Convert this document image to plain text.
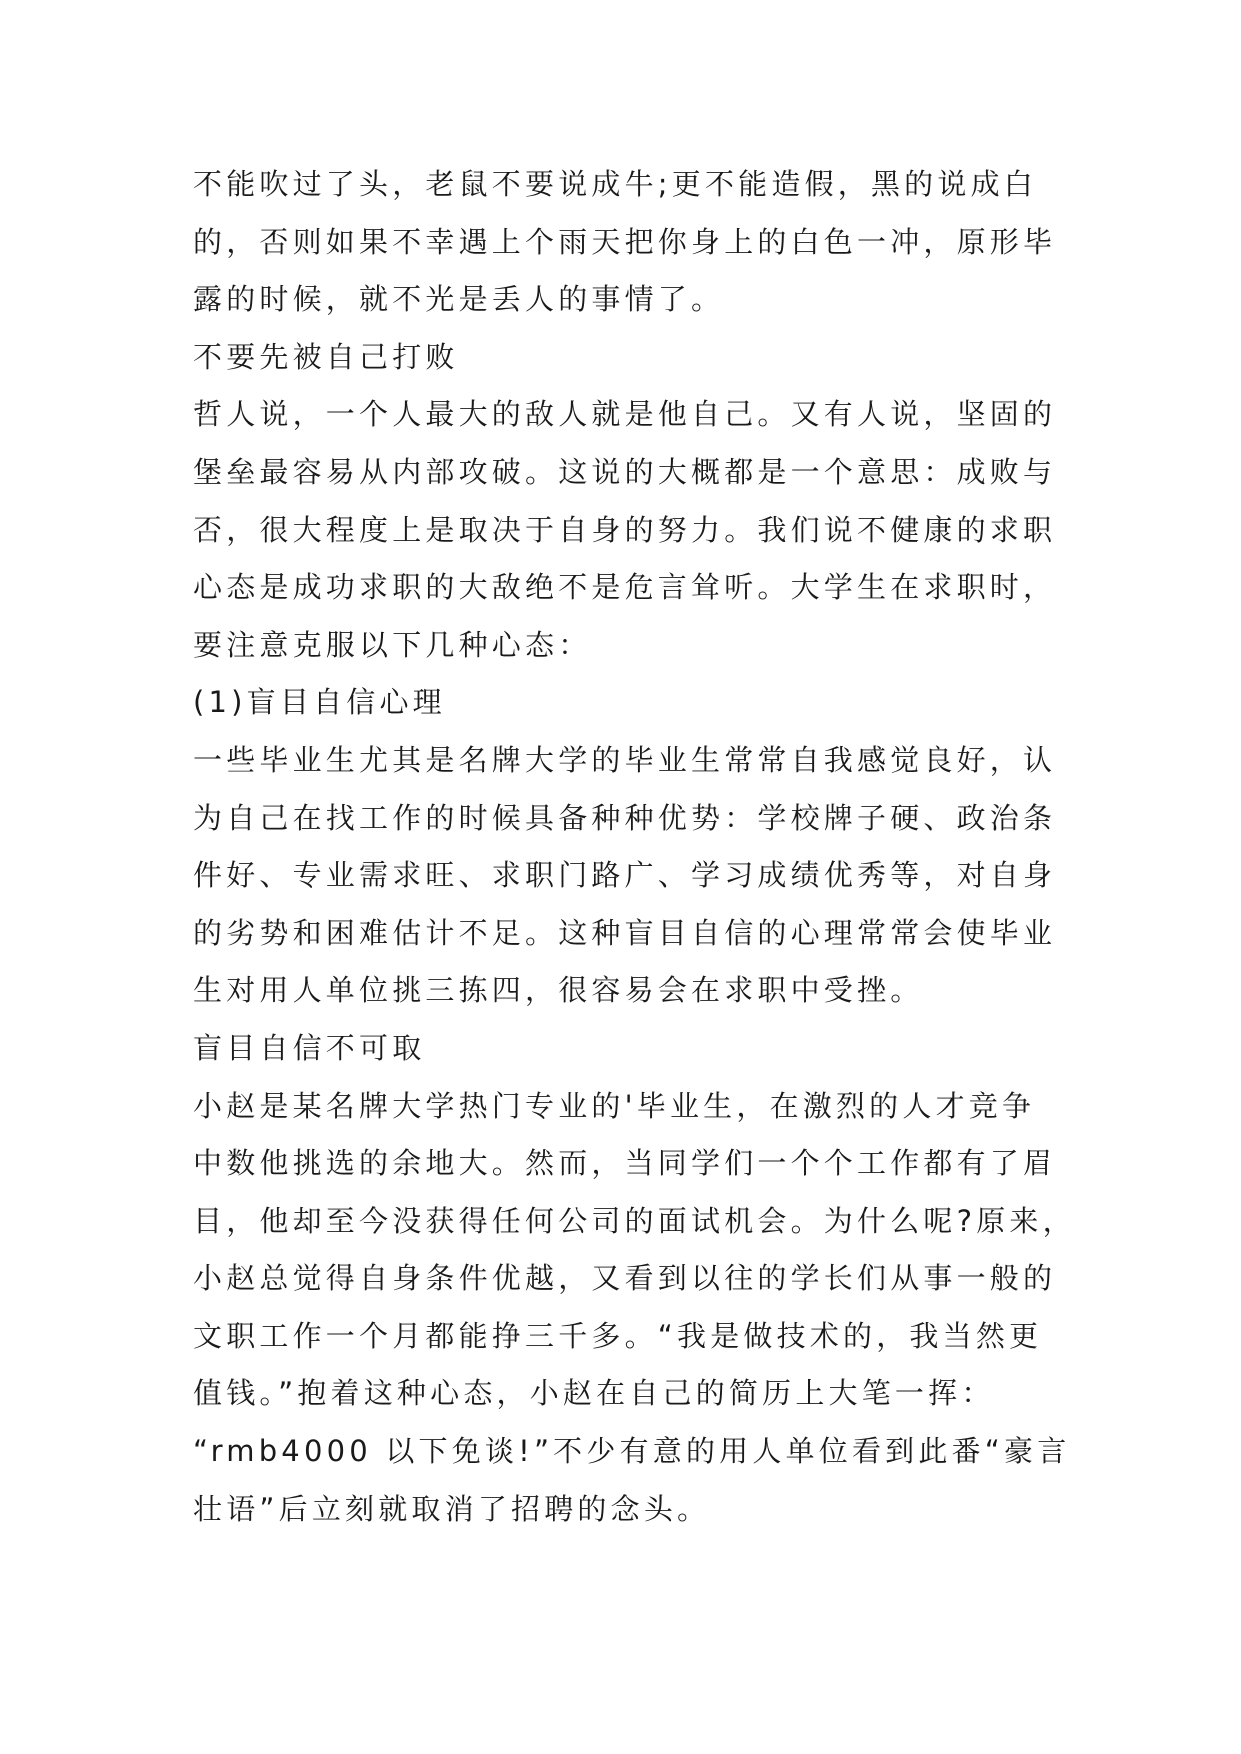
不能吹过了头，老鼠不要说成牛;更不能造假，黑的说成白
的，否则如果不幸遇上个雨天把你身上的白色一冲，原形毕
露的时候，就不光是丢人的事情了。
不要先被自己打败
哲人说，一个人最大的敌人就是他自己。又有人说，坚固的
堡垒最容易从内部攻破。这说的大概都是一个意思：成败与
否，很大程度上是取决于自身的努力。我们说不健康的求职
心态是成功求职的大敌绝不是危言耸听。大学生在求职时，
要注意克服以下几种心态：
(1)盲目自信心理
一些毕业生尤其是名牌大学的毕业生常常自我感觉良好，认
为自己在找工作的时候具备种种优势：学校牌子硬、政治条
件好、专业需求旺、求职门路广、学习成绩优秀等，对自身
的劣势和困难估计不足。这种盲目自信的心理常常会使毕业
生对用人单位挑三拣四，很容易会在求职中受挫。
盲目自信不可取
小赵是某名牌大学热门专业的'毕业生，在激烈的人才竞争
中数他挑选的余地大。然而，当同学们一个个工作都有了眉
目，他却至今没获得任何公司的面试机会。为什么呢?原来，
小赵总觉得自身条件优越，又看到以往的学长们从事一般的
文职工作一个月都能挣三千多。“我是做技术的，我当然更
值钱。”抱着这种心态，小赵在自己的简历上大笔一挥：
“rmb4000 以下免谈!”不少有意的用人单位看到此番“豪言
壮语”后立刻就取消了招聘的念头。
